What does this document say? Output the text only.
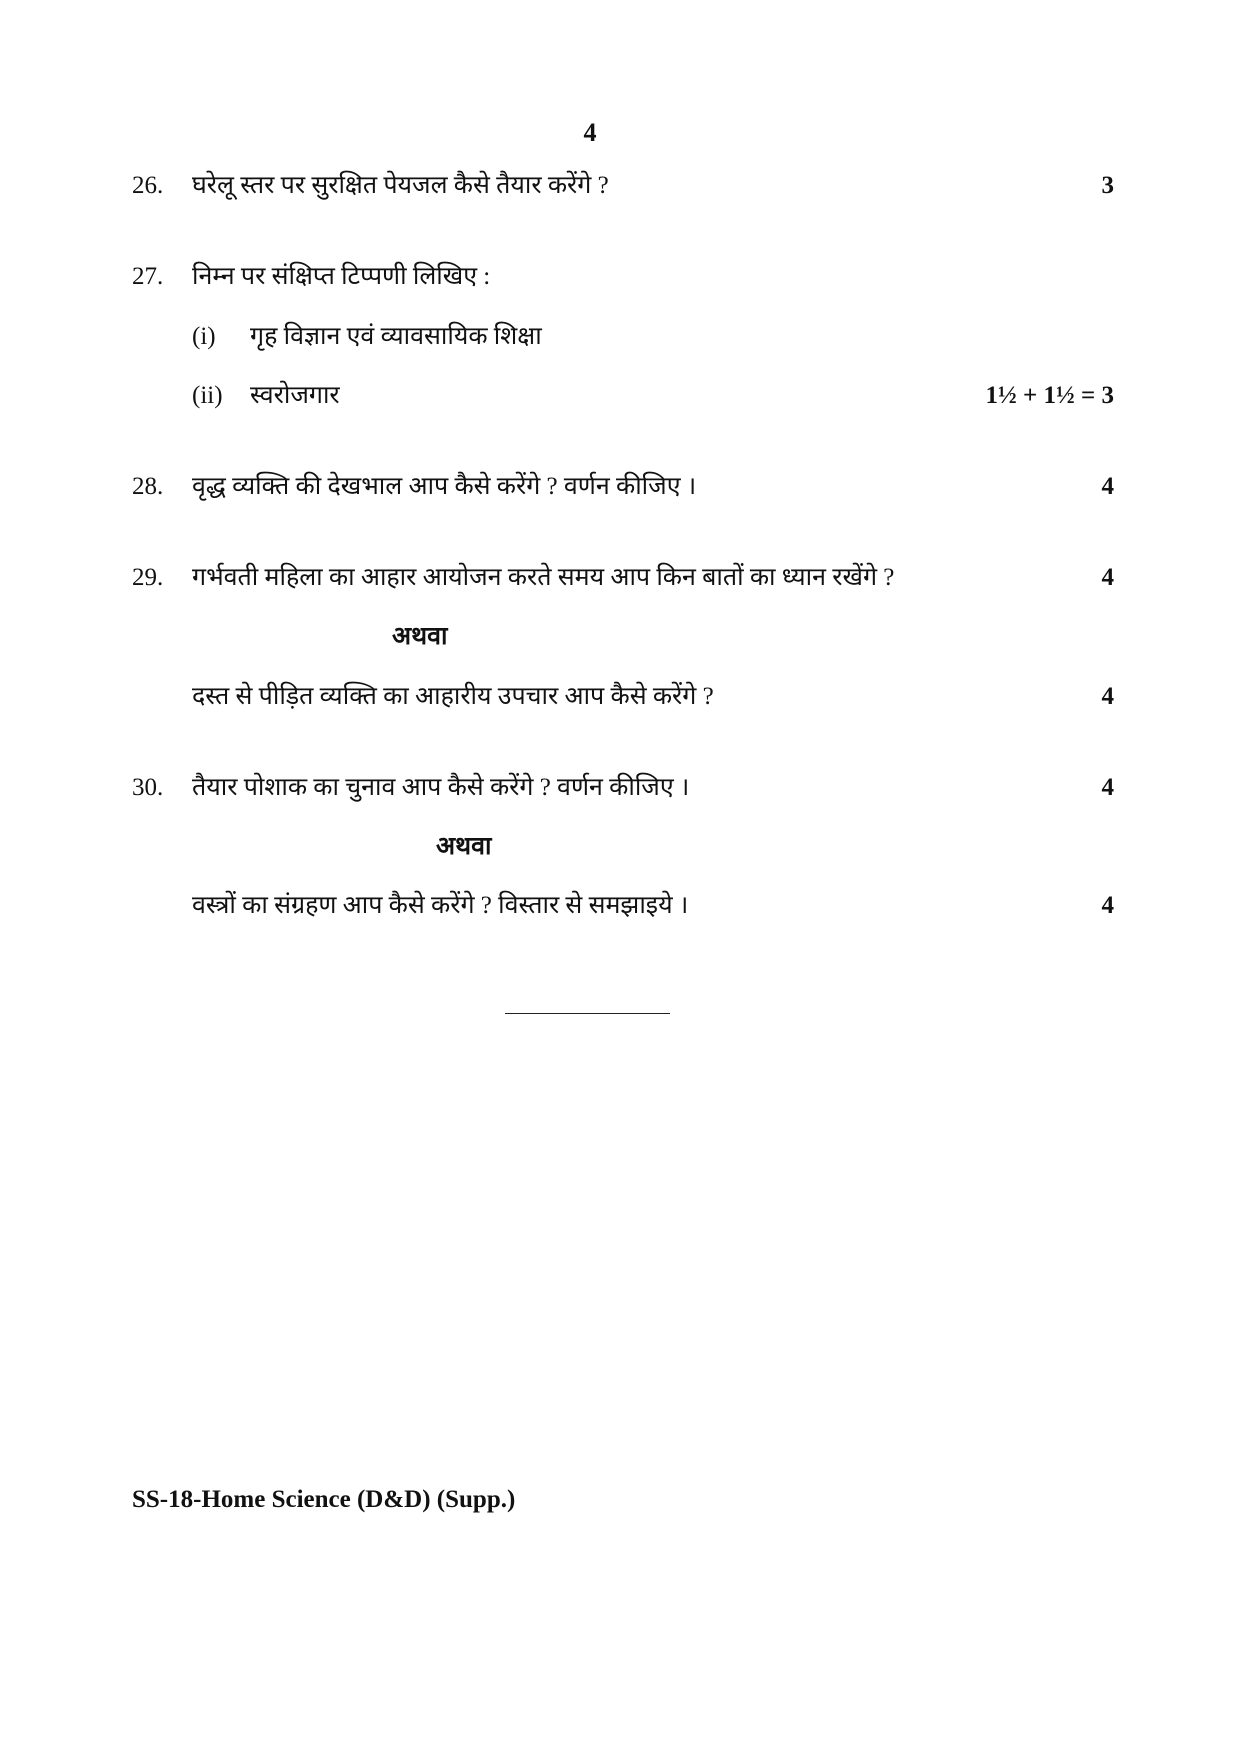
4
26. घरेलू स्तर पर सुरक्षित पेयजल कैसे तैयार करेंगे ?	3
27. निम्न पर संक्षिप्त टिप्पणी लिखिए :
(i) गृह विज्ञान एवं व्यावसायिक शिक्षा
(ii) स्वरोजगार	1½ + 1½ = 3
28. वृद्ध व्यक्ति की देखभाल आप कैसे करेंगे ? वर्णन कीजिए ।	4
29. गर्भवती महिला का आहार आयोजन करते समय आप किन बातों का ध्यान रखेंगे ?	4
अथवा
दस्त से पीड़ित व्यक्ति का आहारीय उपचार आप कैसे करेंगे ?	4
30. तैयार पोशाक का चुनाव आप कैसे करेंगे ? वर्णन कीजिए ।	4
अथवा
वस्त्रों का संग्रहण आप कैसे करेंगे ? विस्तार से समझाइये ।	4
SS-18-Home Science (D&D) (Supp.)
